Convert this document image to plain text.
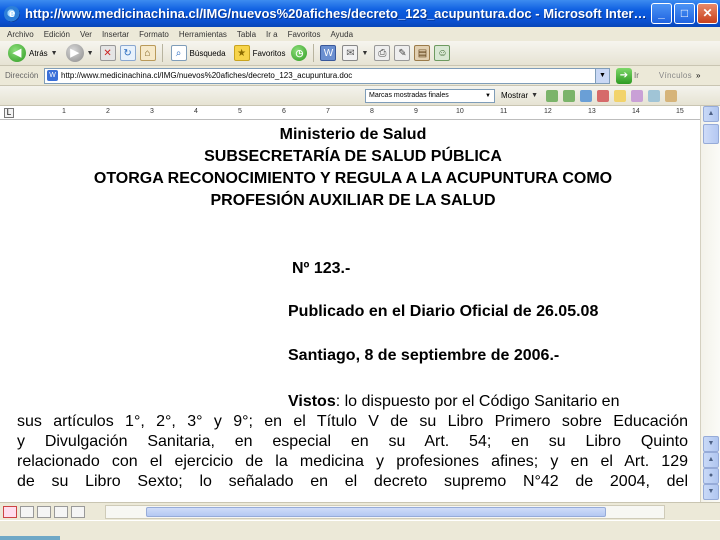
e http://www.medicinachina.cl/IMG/nuevos%20afiches/decreto_123_acupuntura.doc - Microsoft Inter… _	□	✕
Archivo Edición Ver Insertar Formato Herramientas Tabla Ir a Favoritos Ayuda
◀ Atrás ▼	▶	▼ ✕	↻	⌂	⌕	Búsqueda	★ Favoritos	◷	W	✉ ▼	⎙	✎	▤	☺
Dirección	W http://www.medicinachina.cl/IMG/nuevos%20afiches/decreto_123_acupuntura.doc	▼	➔ Ir	Vínculos »
Marcas mostradas finales	▼ Mostrar ▼
L	1	2	3	4	5	6	7	8	9	10	11	12	13	14	15	▲
▼
▲
●
▼
Ministerio de Salud
SUBSECRETARÍA DE SALUD PÚBLICA
OTORGA RECONOCIMIENTO Y REGULA A LA ACUPUNTURA COMO
PROFESIÓN AUXILIAR DE LA SALUD
Nº 123.-
Publicado en el Diario Oficial de 26.05.08
Santiago, 8 de septiembre de 2006.-
Vistos: lo dispuesto por el Código Sanitario en
sus artículos 1°, 2°, 3° y 9°; en el Título V de su Libro Primero sobre Educación
y Divulgación Sanitaria, en especial en su Art. 54; en su Libro Quinto
relacionado con el ejercicio de la medicina y profesiones afines; y en el Art. 129
de su Libro Sexto; lo señalado en el decreto supremo N°42 de 2004, del
